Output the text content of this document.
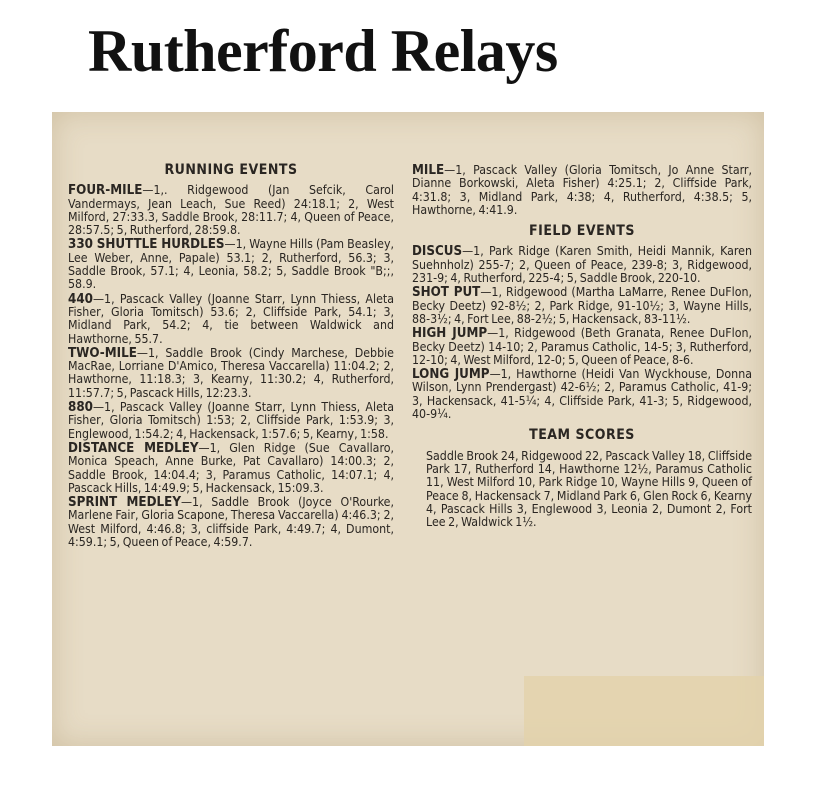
Rutherford Relays
RUNNING EVENTS

FOUR-MILE—1,. Ridgewood (Jan Sefcik, Carol Vandermays, Jean Leach, Sue Reed) 24:18.1; 2, West Milford, 27:33.3, Saddle Brook, 28:11.7; 4, Queen of Peace, 28:57.5; 5, Rutherford, 28:59.8.

330 SHUTTLE HURDLES—1, Wayne Hills (Pam Beasley, Lee Weber, Anne, Papale) 53.1; 2, Rutherford, 56.3; 3, Saddle Brook, 57.1; 4, Leonia, 58.2; 5, Saddle Brook "B;;, 58.9.

440—1, Pascack Valley (Joanne Starr, Lynn Thiess, Aleta Fisher, Gloria Tomitsch) 53.6; 2, Cliffside Park, 54.1; 3, Midland Park, 54.2; 4, tie between Waldwick and Hawthorne, 55.7.

TWO-MILE—1, Saddle Brook (Cindy Marchese, Debbie MacRae, Lorriane D'Amico, Theresa Vaccarella) 11:04.2; 2, Hawthorne, 11:18.3; 3, Kearny, 11:30.2; 4, Rutherford, 11:57.7; 5, Pascack Hills, 12:23.3.

880—1, Pascack Valley (Joanne Starr, Lynn Thiess, Aleta Fisher, Gloria Tomitsch) 1:53; 2, Cliffside Park, 1:53.9; 3, Englewood, 1:54.2; 4, Hackensack, 1:57.6; 5, Kearny, 1:58.

DISTANCE MEDLEY—1, Glen Ridge (Sue Cavallaro, Monica Speach, Anne Burke, Pat Cavallaro) 14:00.3; 2, Saddle Brook, 14:04.4; 3, Paramus Catholic, 14:07.1; 4, Pascack Hills, 14:49.9; 5, Hackensack, 15:09.3.

SPRINT MEDLEY—1, Saddle Brook (Joyce O'Rourke, Marlene Fair, Gloria Scapone, Theresa Vaccarella) 4:46.3; 2, West Milford, 4:46.8; 3, cliffside Park, 4:49.7; 4, Dumont, 4:59.1; 5, Queen of Peace, 4:59.7.

MILE—1, Pascack Valley (Gloria Tomitsch, Jo Anne Starr, Dianne Borkowski, Aleta Fisher) 4:25.1; 2, Cliffside Park, 4:31.8; 3, Midland Park, 4:38; 4, Rutherford, 4:38.5; 5, Hawthorne, 4:41.9.

FIELD EVENTS

DISCUS—1, Park Ridge (Karen Smith, Heidi Mannik, Karen Suehnholz) 255-7; 2, Queen of Peace, 239-8; 3, Ridgewood, 231-9; 4, Rutherford, 225-4; 5, Saddle Brook, 220-10.

SHOT PUT—1, Ridgewood (Martha LaMarre, Renee DuFlon, Becky Deetz) 92-8½; 2, Park Ridge, 91-10½; 3, Wayne Hills, 88-3½; 4, Fort Lee, 88-2½; 5, Hackensack, 83-11½.

HIGH JUMP—1, Ridgewood (Beth Granata, Renee DuFlon, Becky Deetz) 14-10; 2, Paramus Catholic, 14-5; 3, Rutherford, 12-10; 4, West Milford, 12-0; 5, Queen of Peace, 8-6.

LONG JUMP—1, Hawthorne (Heidi Van Wyckhouse, Donna Wilson, Lynn Prendergast) 42-6½; 2, Paramus Catholic, 41-9; 3, Hackensack, 41-5¼; 4, Cliffside Park, 41-3; 5, Ridgewood, 40-9¼.

TEAM SCORES

Saddle Brook 24, Ridgewood 22, Pascack Valley 18, Cliffside Park 17, Rutherford 14, Hawthorne 12½, Paramus Catholic 11, West Milford 10, Park Ridge 10, Wayne Hills 9, Queen of Peace 8, Hackensack 7, Midland Park 6, Glen Rock 6, Kearny 4, Pascack Hills 3, Englewood 3, Leonia 2, Dumont 2, Fort Lee 2, Waldwick 1½.
